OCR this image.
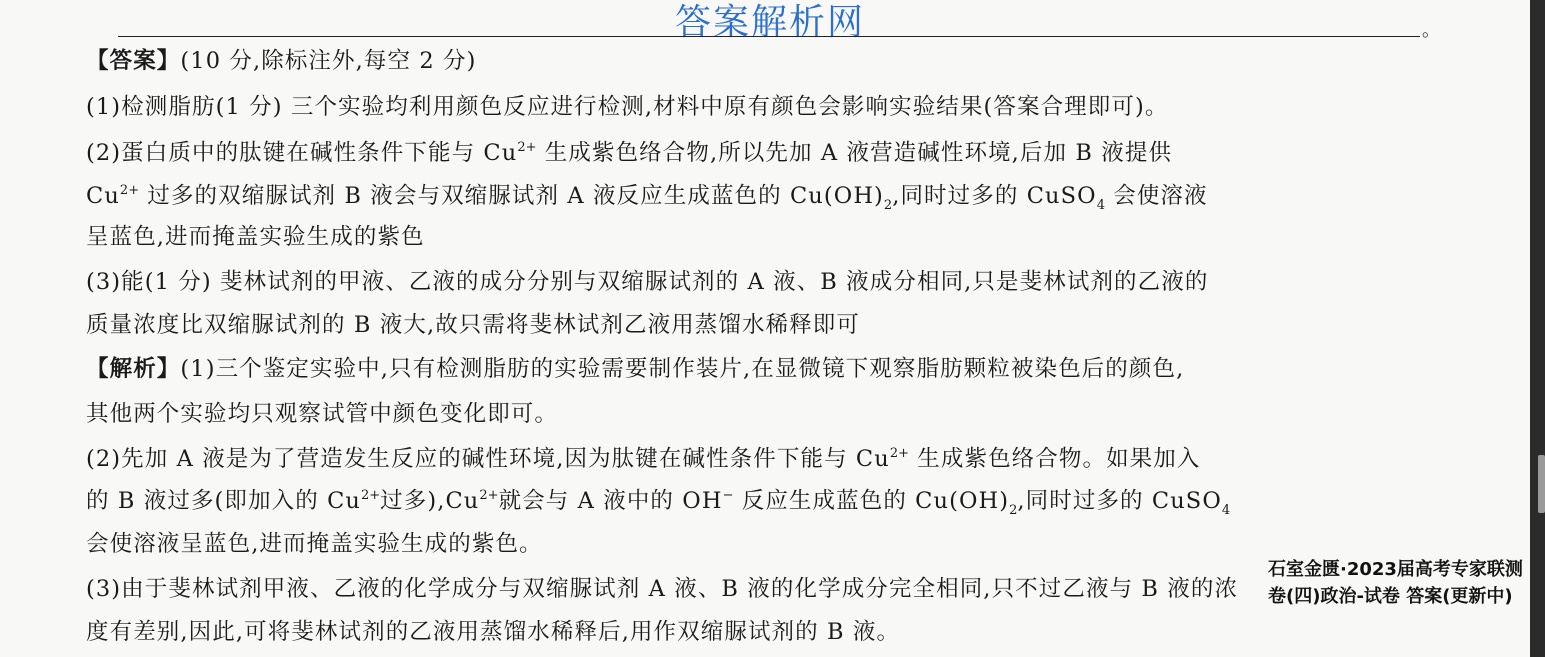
答案解析网	。
【答案】(10 分,除标注外,每空 2 分)
(1)检测脂肪(1 分) 三个实验均利用颜色反应进行检测,材料中原有颜色会影响实验结果(答案合理即可)。
(2)蛋白质中的肽键在碱性条件下能与 $Cu^{2+}$ 生成紫色络合物,所以先加 A 液营造碱性环境,后加 B 液提供
$Cu^{2+}$ 过多的双缩脲试剂 B 液会与双缩脲试剂 A 液反应生成蓝色的 $Cu(OH)_2$,同时过多的 CuSO$_4$ 会使溶液
呈蓝色,进而掩盖实验生成的紫色
(3)能(1 分) 斐林试剂的甲液、乙液的成分分别与双缩脲试剂的 A 液、B 液成分相同,只是斐林试剂的乙液的
质量浓度比双缩脲试剂的 B 液大,故只需将斐林试剂乙液用蒸馏水稀释即可
【解析】(1)三个鉴定实验中,只有检测脂肪的实验需要制作装片,在显微镜下观察脂肪颗粒被染色后的颜色,
其他两个实验均只观察试管中颜色变化即可。
(2)先加 A 液是为了营造发生反应的碱性环境,因为肽键在碱性条件下能与 $Cu^{2+}$ 生成紫色络合物。如果加入
的 B 液过多(即加入的 $Cu^{2+}$过多)$,Cu^{2+}$就会与 A 液中的 OH− 反应生成蓝色的 $Cu(OH)_2$,同时过多的 CuSO$_4$
会使溶液呈蓝色,进而掩盖实验生成的紫色。
(3)由于斐林试剂甲液、乙液的化学成分与双缩脲试剂 A 液、B 液的化学成分完全相同,只不过乙液与 B 液的浓
度有差别,因此,可将斐林试剂的乙液用蒸馏水稀释后,用作双缩脲试剂的 B 液。
石室金匮·2023届高考专家联测卷(四)政治-试卷 答案(更新中)
